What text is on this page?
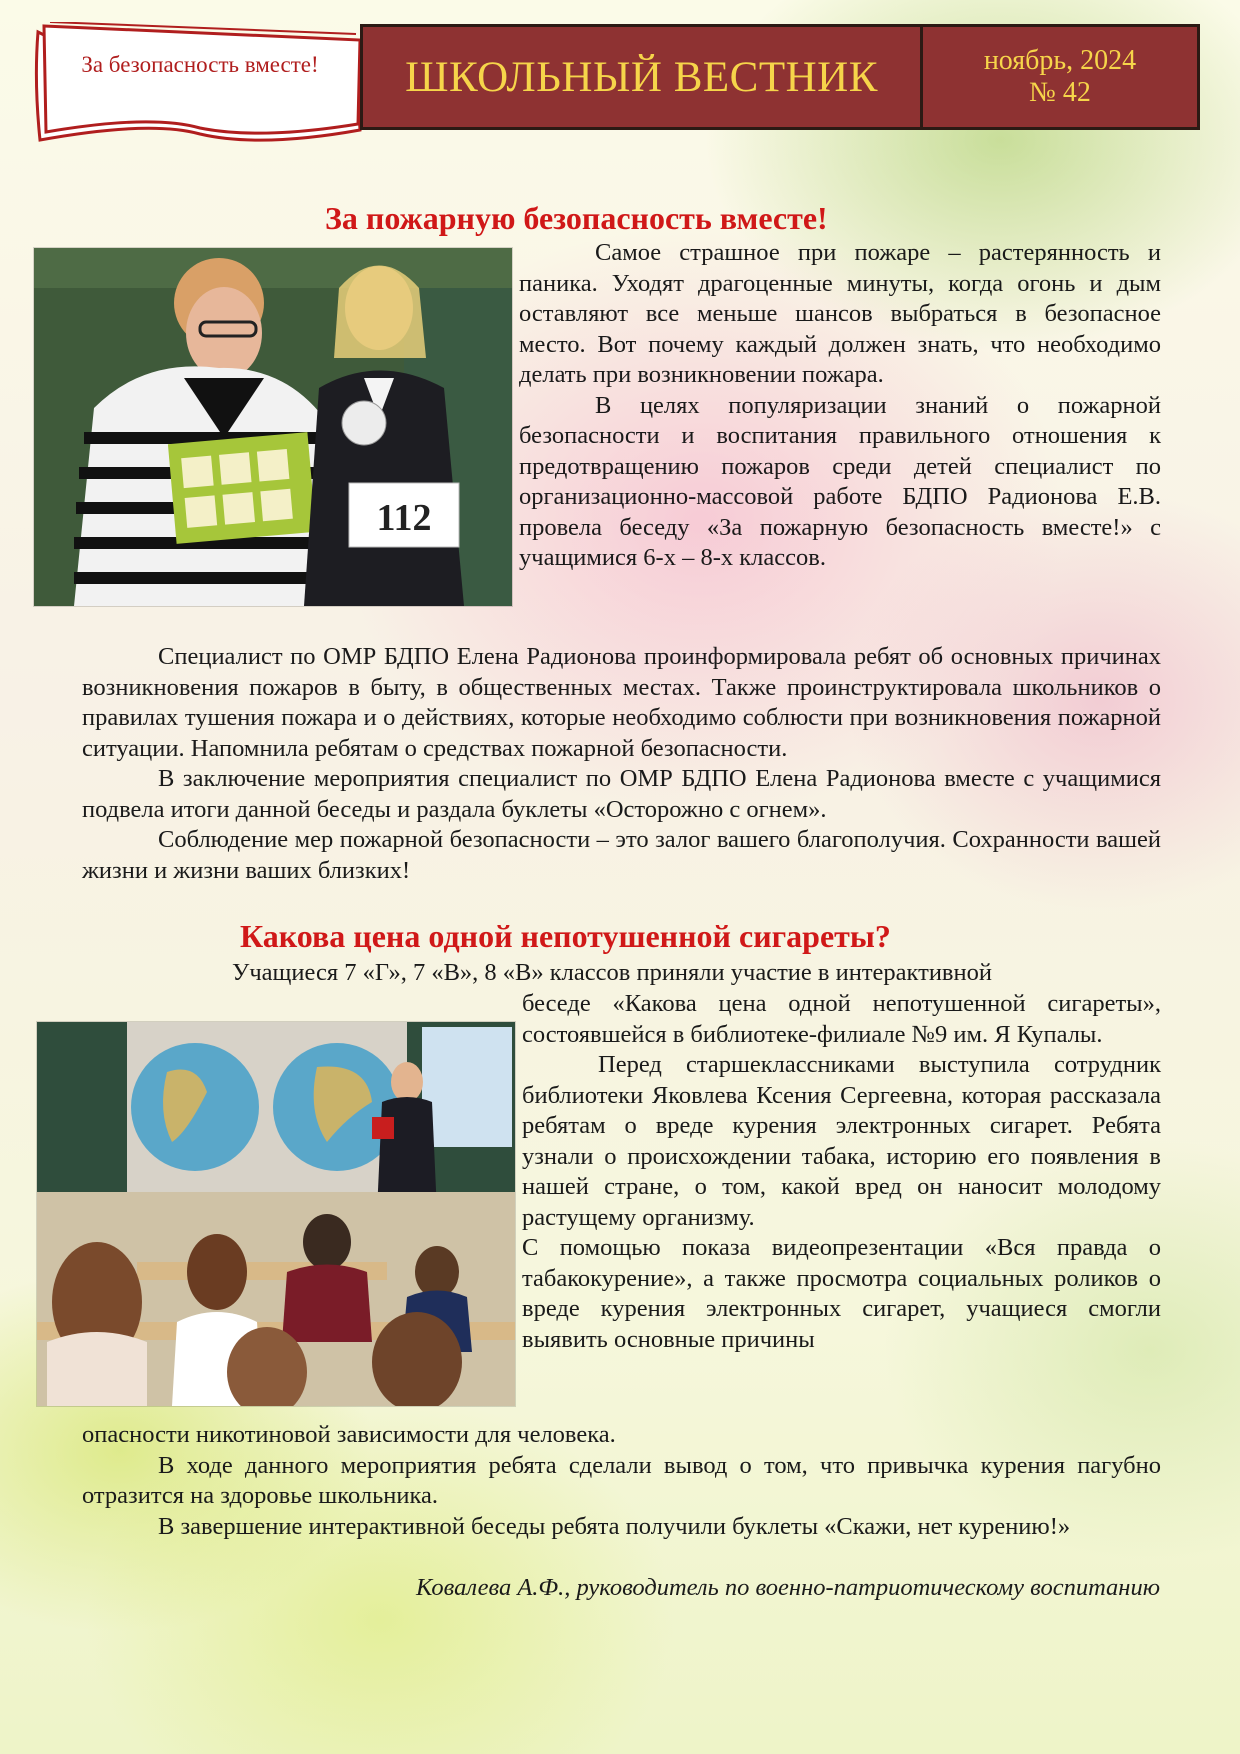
За безопасность вместе!	ШКОЛЬНЫЙ ВЕСТНИК	ноябрь, 2024
№ 42
За пожарную безопасность вместе!
112

Самое страшное при пожаре – растерянность и паника. Уходят драгоценные минуты, когда огонь и дым оставляют все меньше шансов выбраться в безопасное место. Вот почему каждый должен знать, что необходимо делать при возникновении пожара.

В целях популяризации знаний о пожарной безопасности и воспитания правильного отношения к предотвращению пожаров среди детей специалист по организационно-массовой работе БДПО Радионова Е.В. провела беседу «За пожарную безопасность вместе!» с учащимися 6-х – 8-х классов.

Специалист по ОМР БДПО Елена Радионова проинформировала ребят об основных причинах возникновения пожаров в быту, в общественных местах. Также проинструктировала школьников о правилах тушения пожара и о действиях, которые необходимо соблюсти при возникновения пожарной ситуации. Напомнила ребятам о средствах пожарной безопасности.

В заключение мероприятия специалист по ОМР БДПО Елена Радионова вместе с учащимися подвела итоги данной беседы и раздала буклеты «Осторожно с огнем».

Соблюдение мер пожарной безопасности – это залог вашего благополучия. Сохранности вашей жизни и жизни ваших близких!

Какова цена одной непотушенной сигареты?
Учащиеся 7 «Г», 7 «В», 8 «В» классов приняли участие в интерактивной

беседе «Какова цена одной непотушенной сигареты», состоявшейся в библиотеке-филиале №9 им. Я Купалы.

Перед старшеклассниками выступила сотрудник библиотеки Яковлева Ксения Сергеевна, которая рассказала ребятам о вреде курения электронных сигарет. Ребята узнали о происхождении табака, историю его появления в нашей стране, о том, какой вред он наносит молодому растущему организму.

С помощью показа видеопрезентации «Вся правда о табакокурение», а также просмотра социальных роликов о вреде курения электронных сигарет, учащиеся смогли выявить основные причины

опасности никотиновой зависимости для человека.

В ходе данного мероприятия ребята сделали вывод о том, что привычка курения пагубно отразится на здоровье школьника.

В завершение интерактивной беседы ребята получили буклеты «Скажи, нет курению!»

Ковалева А.Ф., руководитель по военно-патриотическому воспитанию
